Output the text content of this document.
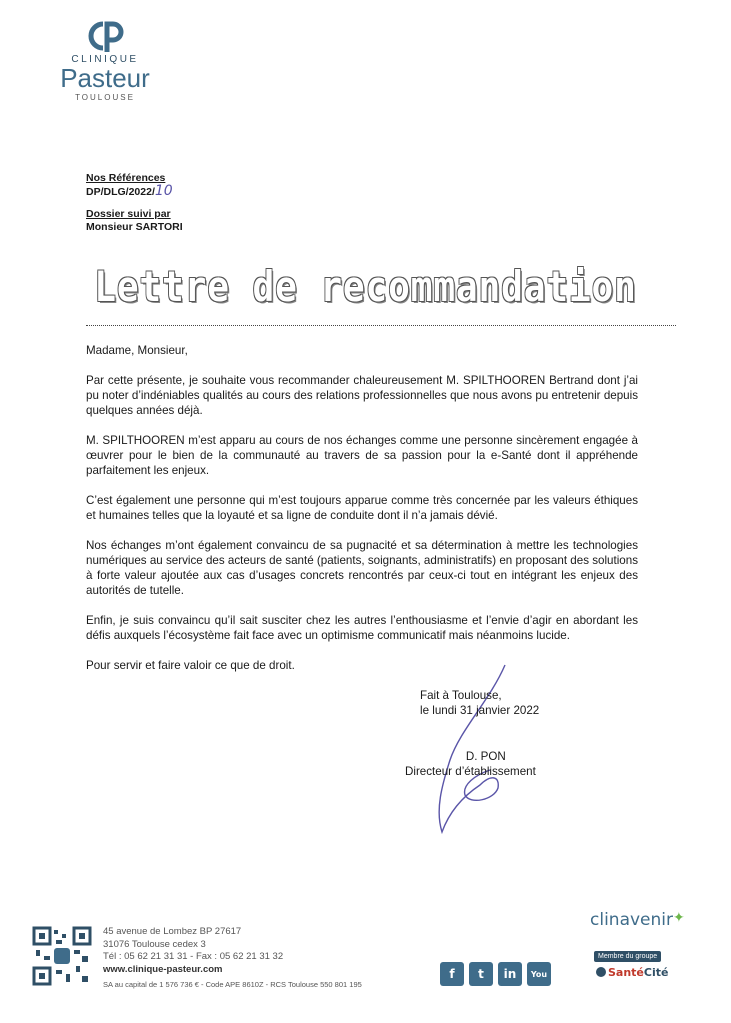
CLINIQUE
Pasteur
TOULOUSE
Nos Références
DP/DLG/2022/10
Dossier suivi par
Monsieur SARTORI
Lettre de recommandation

Madame, Monsieur,

Par cette présente, je souhaite vous recommander chaleureusement M. SPILTHOOREN Bertrand dont j’ai pu noter d’indéniables qualités au cours des relations professionnelles que nous avons pu entretenir depuis quelques années déjà.

M. SPILTHOOREN m’est apparu au cours de nos échanges comme une personne sincèrement engagée à œuvrer pour le bien de la communauté au travers de sa passion pour la e-Santé dont il appréhende parfaitement les enjeux.

C’est également une personne qui m’est toujours apparue comme très concernée par les valeurs éthiques et humaines telles que la loyauté et sa ligne de conduite dont il n’a jamais dévié.

Nos échanges m’ont également convaincu de sa pugnacité et sa détermination à mettre les technologies numériques au service des acteurs de santé (patients, soignants, administratifs) en proposant des solutions à forte valeur ajoutée aux cas d’usages concrets rencontrés par ceux-ci tout en intégrant les enjeux des autorités de tutelle.

Enfin, je suis convaincu qu’il sait susciter chez les autres l’enthousiasme et l’envie d’agir en abordant les défis auxquels l’écosystème fait face avec un optimisme communicatif mais néanmoins lucide.

Pour servir et faire valoir ce que de droit.

Fait à Toulouse,
le lundi 31 janvier 2022
D. PON
Directeur d’établissement
45 avenue de Lombez BP 27617
31076 Toulouse cedex 3
Tél : 05 62 21 31 31 - Fax : 05 62 21 31 32
www.clinique-pasteur.com
SA au capital de 1 576 736 € - Code APE 8610Z - RCS Toulouse 550 801 195
f	t	in	You
clinavenir✦
Membre du groupe
SantéCité
